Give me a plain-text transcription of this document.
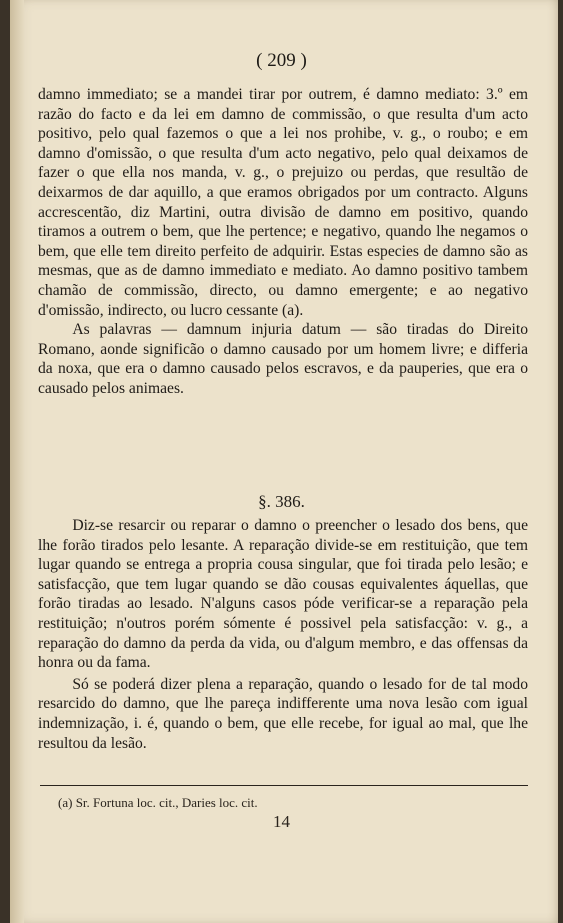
( 209 )

damno immediato; se a mandei tirar por outrem, é damno mediato: 3.º em razão do facto e da lei em damno de commissão, o que resulta d'um acto positivo, pelo qual fazemos o que a lei nos prohibe, v. g., o roubo; e em damno d'omissão, o que resulta d'um acto negativo, pelo qual deixamos de fazer o que ella nos manda, v. g., o prejuizo ou perdas, que resultão de deixarmos de dar aquillo, a que eramos obrigados por um contracto. Alguns accrescentão, diz Martini, outra divisão de damno em positivo, quando tiramos a outrem o bem, que lhe pertence; e negativo, quando lhe negamos o bem, que elle tem direito perfeito de adquirir. Estas especies de damno são as mesmas, que as de damno immediato e mediato. Ao damno positivo tambem chamão de commissão, directo, ou damno emergente; e ao negativo d'omissão, indirecto, ou lucro cessante (a).

As palavras — damnum injuria datum — são tiradas do Direito Romano, aonde significão o damno causado por um homem livre; e differia da noxa, que era o damno causado pelos escravos, e da pauperies, que era o causado pelos animaes.

§. 386.

Diz-se resarcir ou reparar o damno o preencher o lesado dos bens, que lhe forão tirados pelo lesante. A reparação divide-se em restituição, que tem lugar quando se entrega a propria cousa singular, que foi tirada pelo lesão; e satisfacção, que tem lugar quando se dão cousas equivalentes áquellas, que forão tiradas ao lesado. N'alguns casos póde verificar-se a reparação pela restituição; n'outros porém sómente é possivel pela satisfacção: v. g., a reparação do damno da perda da vida, ou d'algum membro, e das offensas da honra ou da fama.

Só se poderá dizer plena a reparação, quando o lesado for de tal modo resarcido do damno, que lhe pareça indifferente uma nova lesão com igual indemnização, i. é, quando o bem, que elle recebe, for igual ao mal, que lhe resultou da lesão.

(a) Sr. Fortuna loc. cit., Daries loc. cit.
14
